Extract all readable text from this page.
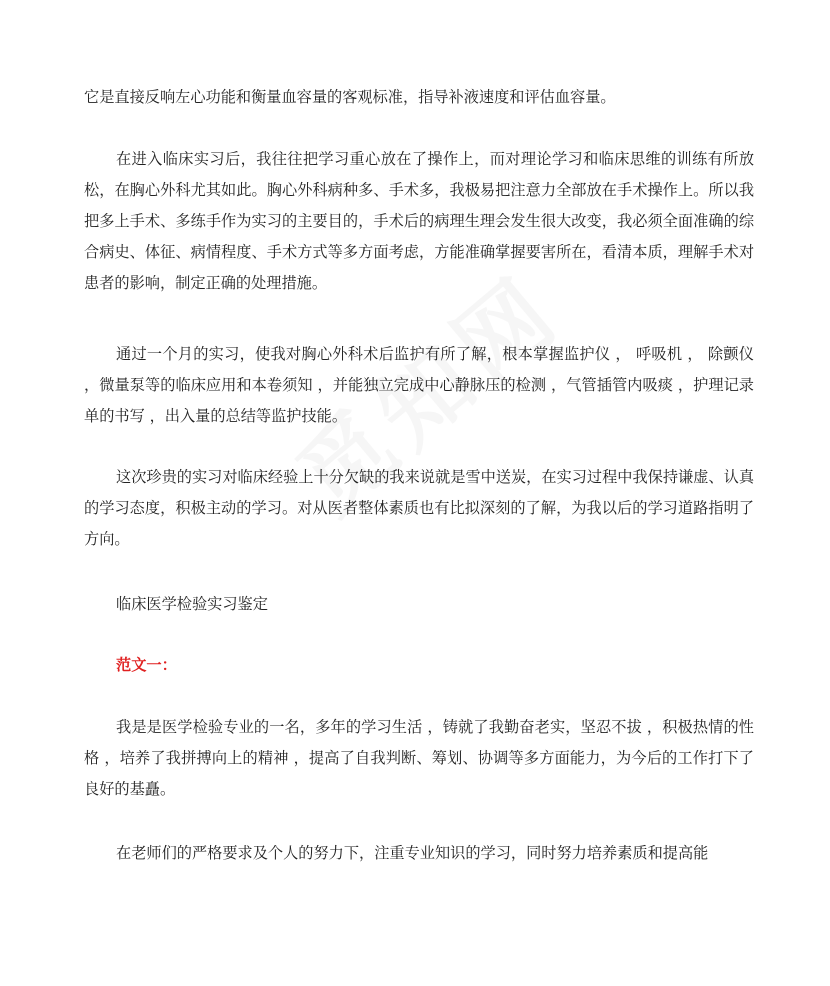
它是直接反响左心功能和衡量血容量的客观标准，指导补液速度和评估血容量。

在进入临床实习后，我往往把学习重心放在了操作上，而对理论学习和临床思维的训练有所放松，在胸心外科尤其如此。胸心外科病种多、手术多，我极易把注意力全部放在手术操作上。所以我把多上手术、多练手作为实习的主要目的，手术后的病理生理会发生很大改变，我必须全面准确的综合病史、体征、病情程度、手术方式等多方面考虑，方能准确掌握要害所在，看清本质，理解手术对患者的影响，制定正确的处理措施。

通过一个月的实习，使我对胸心外科术后监护有所了解，根本掌握监护仪 ， 呼吸机 ， 除颤仪 ，微量泵等的临床应用和本卷须知 ，并能独立完成中心静脉压的检测 ，气管插管内吸痰 ，护理记录单的书写 ，出入量的总结等监护技能。

这次珍贵的实习对临床经验上十分欠缺的我来说就是雪中送炭，在实习过程中我保持谦虚、认真的学习态度，积极主动的学习。对从医者整体素质也有比拟深刻的了解，为我以后的学习道路指明了方向。

临床医学检验实习鉴定

范文一：

我是是医学检验专业的一名，多年的学习生活 ，铸就了我勤奋老实，坚忍不拔 ，积极热情的性格 ，培养了我拼搏向上的精神 ，提高了自我判断、筹划、协调等多方面能力，为今后的工作打下了良好的基矗。

在老师们的严格要求及个人的努力下，注重专业知识的学习，同时努力培养素质和提高能
